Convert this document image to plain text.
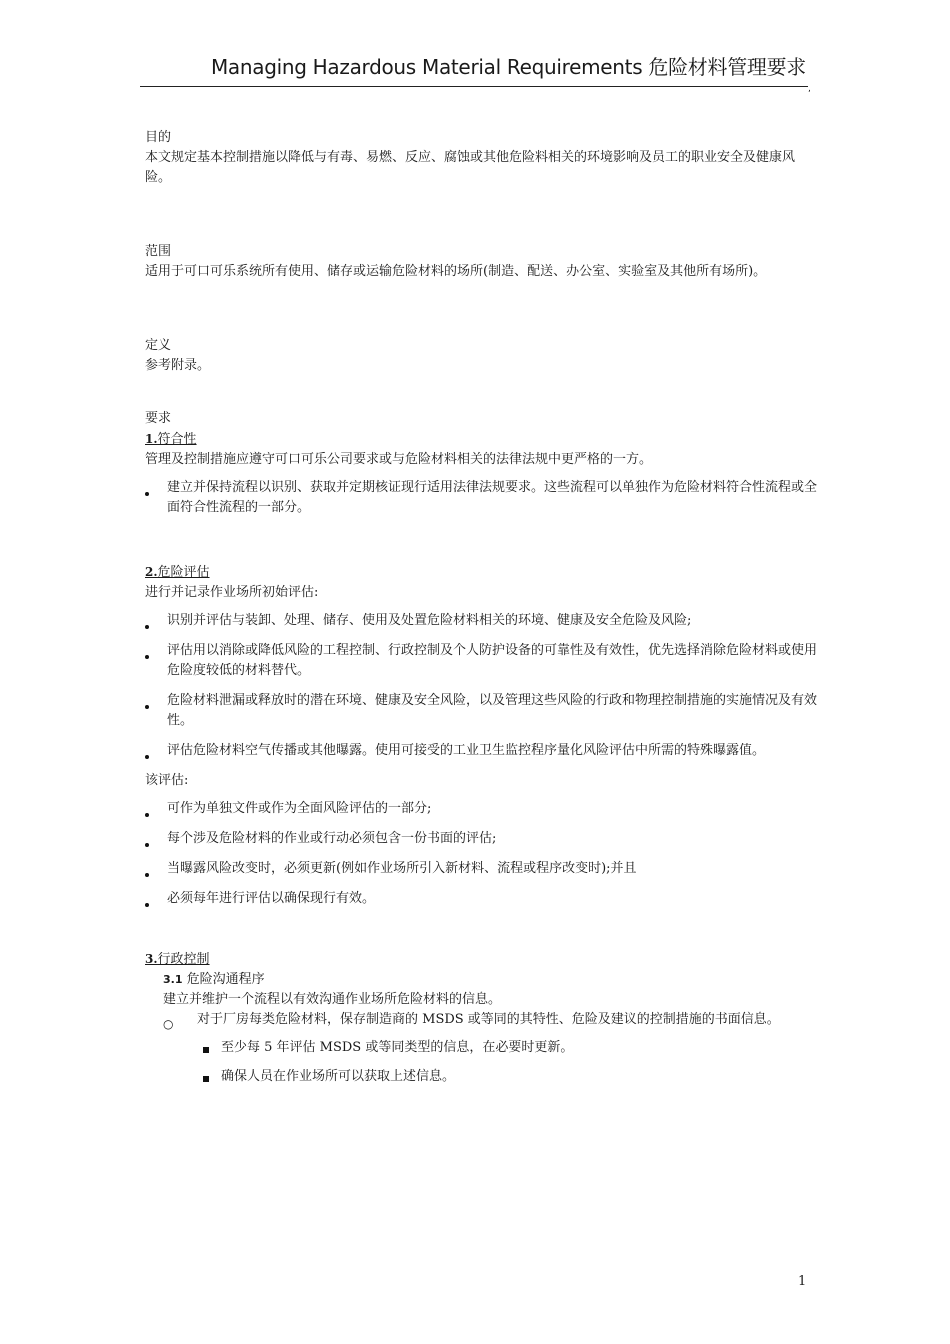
Managing Hazardous Material Requirements 危险材料管理要求
,

目的

本文规定基本控制措施以降低与有毒、易燃、反应、腐蚀或其他危险料相关的环境影响及员工的职业安全及健康风险。

范围

适用于可口可乐系统所有使用、储存或运输危险材料的场所(制造、配送、办公室、实验室及其他所有场所)。

定义

参考附录。

要求

1.符合性

管理及控制措施应遵守可口可乐公司要求或与危险材料相关的法律法规中更严格的一方。

建立并保持流程以识别、获取并定期核证现行适用法律法规要求。这些流程可以单独作为危险材料符合性流程或全面符合性流程的一部分。

2.危险评估

进行并记录作业场所初始评估:

识别并评估与装卸、处理、储存、使用及处置危险材料相关的环境、健康及安全危险及风险;
评估用以消除或降低风险的工程控制、行政控制及个人防护设备的可靠性及有效性，优先选择消除危险材料或使用危险度较低的材料替代。
危险材料泄漏或释放时的潜在环境、健康及安全风险，以及管理这些风险的行政和物理控制措施的实施情况及有效性。
评估危险材料空气传播或其他曝露。使用可接受的工业卫生监控程序量化风险评估中所需的特殊曝露值。

该评估:

可作为单独文件或作为全面风险评估的一部分;
每个涉及危险材料的作业或行动必须包含一份书面的评估;
当曝露风险改变时，必须更新(例如作业场所引入新材料、流程或程序改变时);并且
必须每年进行评估以确保现行有效。

3.行政控制

3.1 危险沟通程序

建立并维护一个流程以有效沟通作业场所危险材料的信息。

○ 对于厂房每类危险材料，保存制造商的 MSDS 或等同的其特性、危险及建议的控制措施的书面信息。
至少每 5 年评估 MSDS 或等同类型的信息，在必要时更新。
确保人员在作业场所可以获取上述信息。
1
